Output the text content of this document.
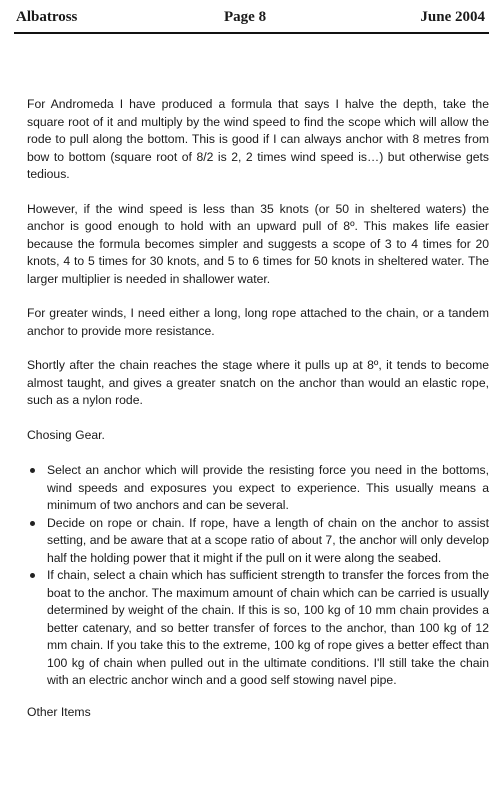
Albatross	Page 8	June 2004

For Andromeda I have produced a formula that says I halve the depth, take the square root of it and multiply by the wind speed to find the scope which will allow the rode to pull along the bottom. This is good if I can always anchor with 8 metres from bow to bottom (square root of 8/2 is 2, 2 times wind speed is…) but otherwise gets tedious.

However, if the wind speed is less than 35 knots (or 50 in sheltered waters) the anchor is good enough to hold with an upward pull of 8º. This makes life easier because the formula becomes simpler and suggests a scope of 3 to 4 times for 20 knots, 4 to 5 times for 30 knots, and 5 to 6 times for 50 knots in sheltered water. The larger multiplier is needed in shallower water.

For greater winds, I need either a long, long rope attached to the chain, or a tandem anchor to provide more resistance.

Shortly after the chain reaches the stage where it pulls up at 8º, it tends to become almost taught, and gives a greater snatch on the anchor than would an elastic rope, such as a nylon rode.

Chosing Gear.
Select an anchor which will provide the resisting force you need in the bottoms, wind speeds and exposures you expect to experience. This usually means a minimum of two anchors and can be several.
Decide on rope or chain. If rope, have a length of chain on the anchor to assist setting, and be aware that at a scope ratio of about 7, the anchor will only develop half the holding power that it might if the pull on it were along the seabed.
If chain, select a chain which has sufficient strength to transfer the forces from the boat to the anchor. The maximum amount of chain which can be carried is usually determined by weight of the chain. If this is so, 100 kg of 10 mm chain provides a better catenary, and so better transfer of forces to the anchor, than 100 kg of 12 mm chain. If you take this to the extreme, 100 kg of rope gives a better effect than 100 kg of chain when pulled out in the ultimate conditions. I'll still take the chain with an electric anchor winch and a good self stowing navel pipe.
Other Items
